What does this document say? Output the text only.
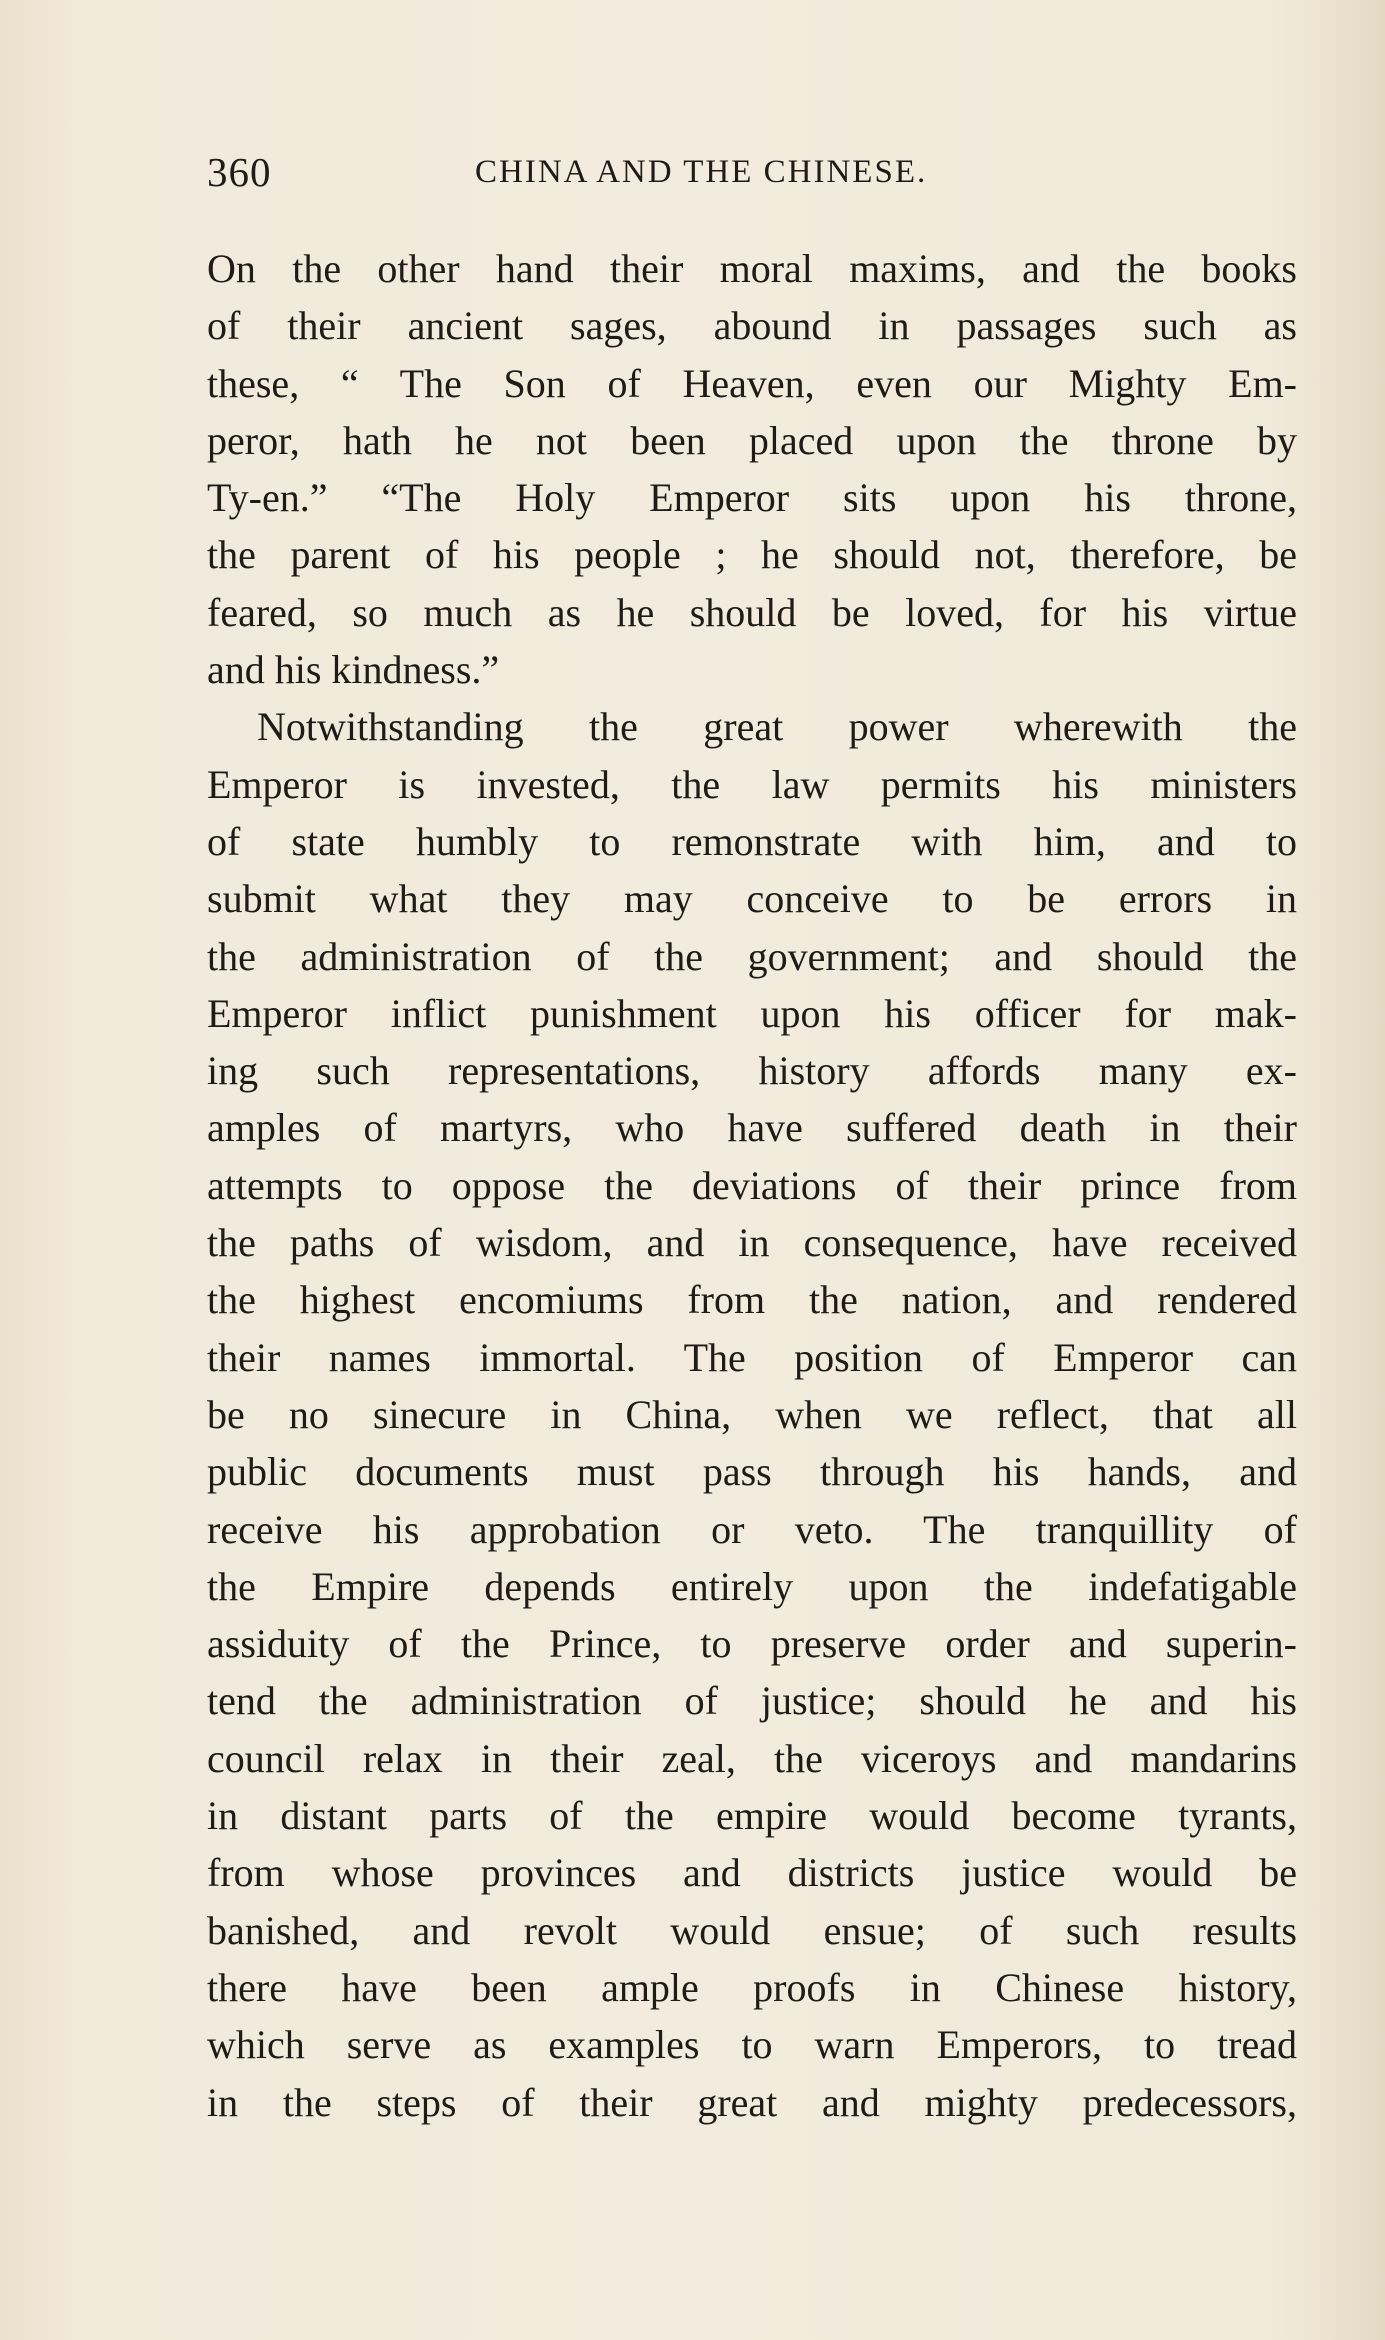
360	CHINA AND THE CHINESE.
On the other hand their moral maxims, and the books
of their ancient sages, abound in passages such as
these, “ The Son of Heaven, even our Mighty Em-
peror, hath he not been placed upon the throne by
Ty-en.” “The Holy Emperor sits upon his throne,
the parent of his people ; he should not, therefore, be
feared, so much as he should be loved, for his virtue
and his kindness.”
Notwithstanding the great power wherewith the
Emperor is invested, the law permits his ministers
of state humbly to remonstrate with him, and to
submit what they may conceive to be errors in
the administration of the government; and should the
Emperor inflict punishment upon his officer for mak-
ing such representations, history affords many ex-
amples of martyrs, who have suffered death in their
attempts to oppose the deviations of their prince from
the paths of wisdom, and in consequence, have received
the highest encomiums from the nation, and rendered
their names immortal. The position of Emperor can
be no sinecure in China, when we reflect, that all
public documents must pass through his hands, and
receive his approbation or veto. The tranquillity of
the Empire depends entirely upon the indefatigable
assiduity of the Prince, to preserve order and superin-
tend the administration of justice; should he and his
council relax in their zeal, the viceroys and mandarins
in distant parts of the empire would become tyrants,
from whose provinces and districts justice would be
banished, and revolt would ensue; of such results
there have been ample proofs in Chinese history,
which serve as examples to warn Emperors, to tread
in the steps of their great and mighty predecessors,
